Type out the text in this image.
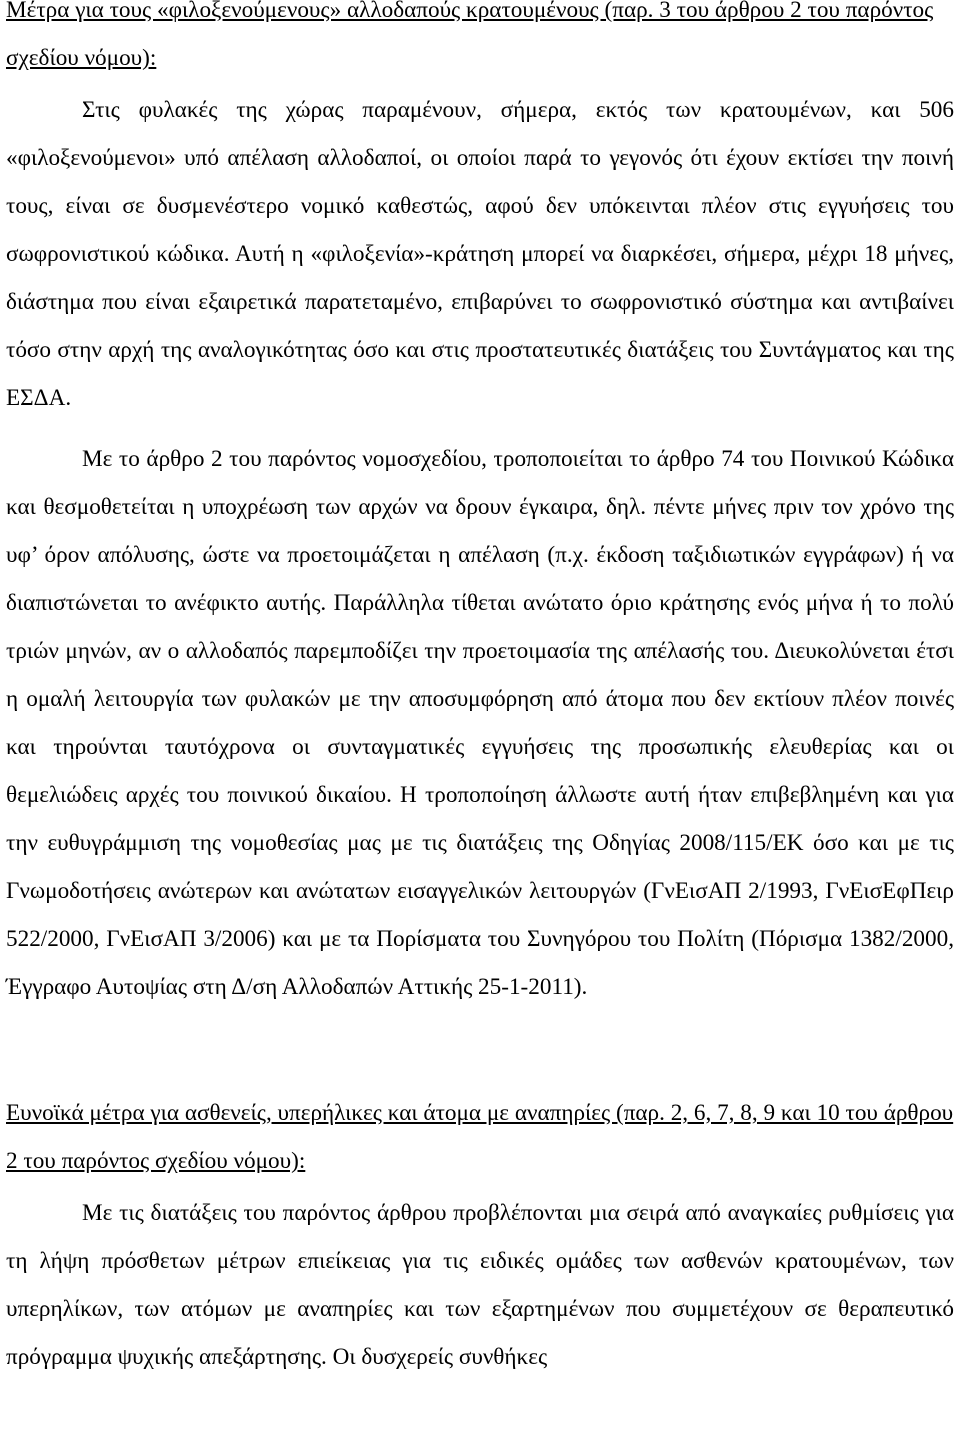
Μέτρα για τους «φιλοξενούμενους» αλλοδαπούς κρατουμένους (παρ. 3 του άρθρου 2 του παρόντος σχεδίου νόμου):

Στις φυλακές της χώρας παραμένουν, σήμερα, εκτός των κρατουμένων, και 506 «φιλοξενούμενοι» υπό απέλαση αλλοδαποί, οι οποίοι παρά το γεγονός ότι έχουν εκτίσει την ποινή τους, είναι σε δυσμενέστερο νομικό καθεστώς, αφού δεν υπόκεινται πλέον στις εγγυήσεις του σωφρονιστικού κώδικα. Αυτή η «φιλοξενία»-κράτηση μπορεί να διαρκέσει, σήμερα, μέχρι 18 μήνες, διάστημα που είναι εξαιρετικά παρατεταμένο, επιβαρύνει το σωφρονιστικό σύστημα και αντιβαίνει τόσο στην αρχή της αναλογικότητας όσο και στις προστατευτικές διατάξεις του Συντάγματος και της ΕΣΔΑ.

Με το άρθρο 2 του παρόντος νομοσχεδίου, τροποποιείται το άρθρο 74 του Ποινικού Κώδικα και θεσμοθετείται η υποχρέωση των αρχών να δρουν έγκαιρα, δηλ. πέντε μήνες πριν τον χρόνο της υφ’ όρον απόλυσης, ώστε να προετοιμάζεται η απέλαση (π.χ. έκδοση ταξιδιωτικών εγγράφων) ή να διαπιστώνεται το ανέφικτο αυτής. Παράλληλα τίθεται ανώτατο όριο κράτησης ενός μήνα ή το πολύ τριών μηνών, αν ο αλλοδαπός παρεμποδίζει την προετοιμασία της απέλασής του. Διευκολύνεται έτσι η ομαλή λειτουργία των φυλακών με την αποσυμφόρηση από άτομα που δεν εκτίουν πλέον ποινές και τηρούνται ταυτόχρονα οι συνταγματικές εγγυήσεις της προσωπικής ελευθερίας και οι θεμελιώδεις αρχές του ποινικού δικαίου. Η τροποποίηση άλλωστε αυτή ήταν επιβεβλημένη και για την ευθυγράμμιση της νομοθεσίας μας με τις διατάξεις της Οδηγίας 2008/115/ΕΚ όσο και με τις Γνωμοδοτήσεις ανώτερων και ανώτατων εισαγγελικών λειτουργών (ΓνΕισΑΠ 2/1993, ΓνΕισΕφΠειρ 522/2000, ΓνΕισΑΠ 3/2006) και με τα Πορίσματα του Συνηγόρου του Πολίτη (Πόρισμα 1382/2000, Έγγραφο Αυτοψίας στη Δ/ση Αλλοδαπών Αττικής 25-1-2011).

Ευνοϊκά μέτρα για ασθενείς, υπερήλικες και άτομα με αναπηρίες (παρ. 2, 6, 7, 8, 9 και 10 του άρθρου 2 του παρόντος σχεδίου νόμου):

Με τις διατάξεις του παρόντος άρθρου προβλέπονται μια σειρά από αναγκαίες ρυθμίσεις για τη λήψη πρόσθετων μέτρων επιείκειας για τις ειδικές ομάδες των ασθενών κρατουμένων, των υπερηλίκων, των ατόμων με αναπηρίες και των εξαρτημένων που συμμετέχουν σε θεραπευτικό πρόγραμμα ψυχικής απεξάρτησης. Οι δυσχερείς συνθήκες
